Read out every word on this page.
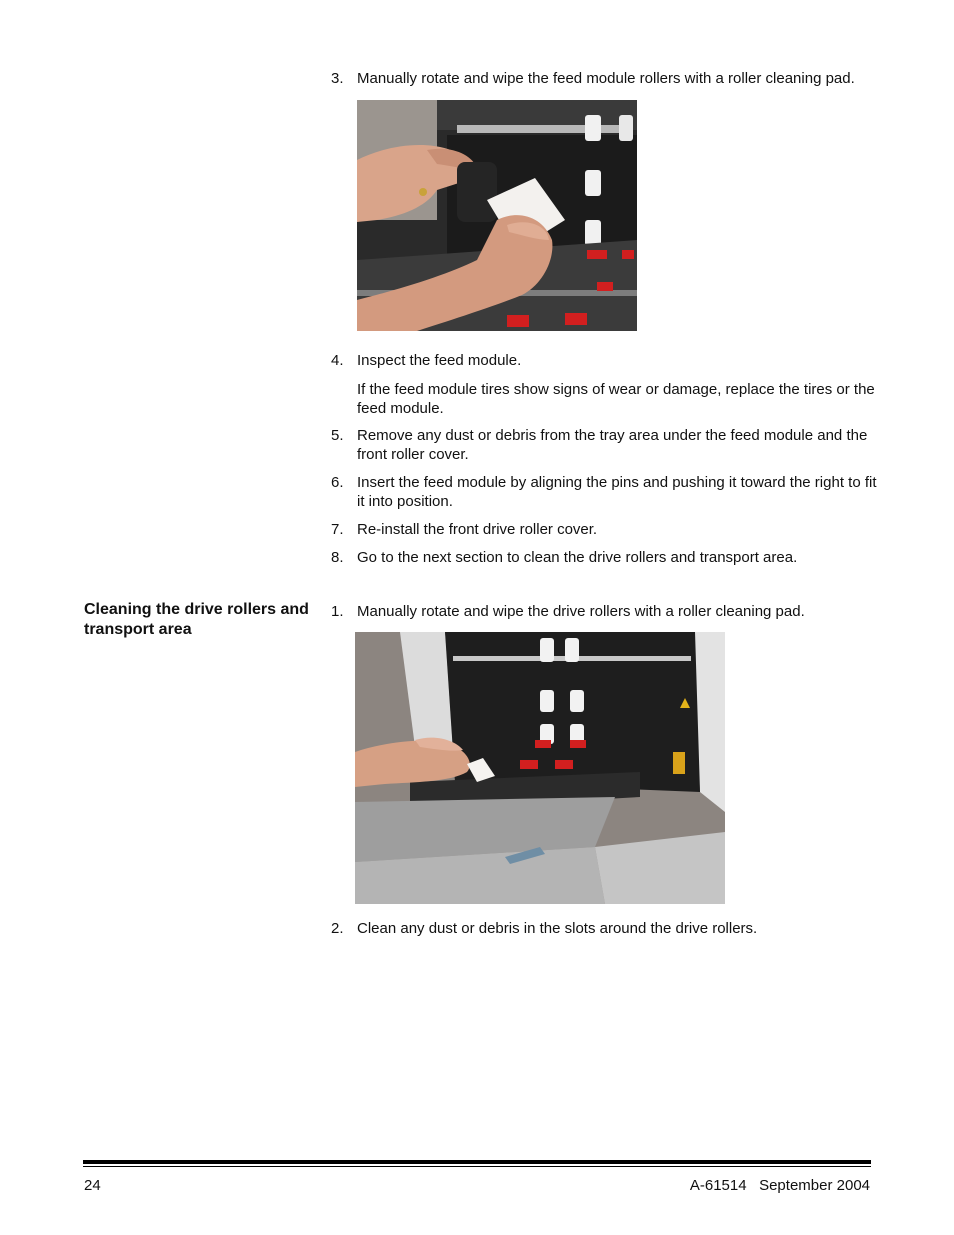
3. Manually rotate and wipe the feed module rollers with a roller cleaning pad.
4. Inspect the feed module.
If the feed module tires show signs of wear or damage, replace the tires or the feed module.
5. Remove any dust or debris from the tray area under the feed module and the front roller cover.
6. Insert the feed module by aligning the pins and pushing it toward the right to fit it into position.
7. Re-install the front drive roller cover.
8. Go to the next section to clean the drive rollers and transport area.
Cleaning the drive rollers and transport area
1. Manually rotate and wipe the drive rollers with a roller cleaning pad.
2. Clean any dust or debris in the slots around the drive rollers.
24	A-61514   September 2004
